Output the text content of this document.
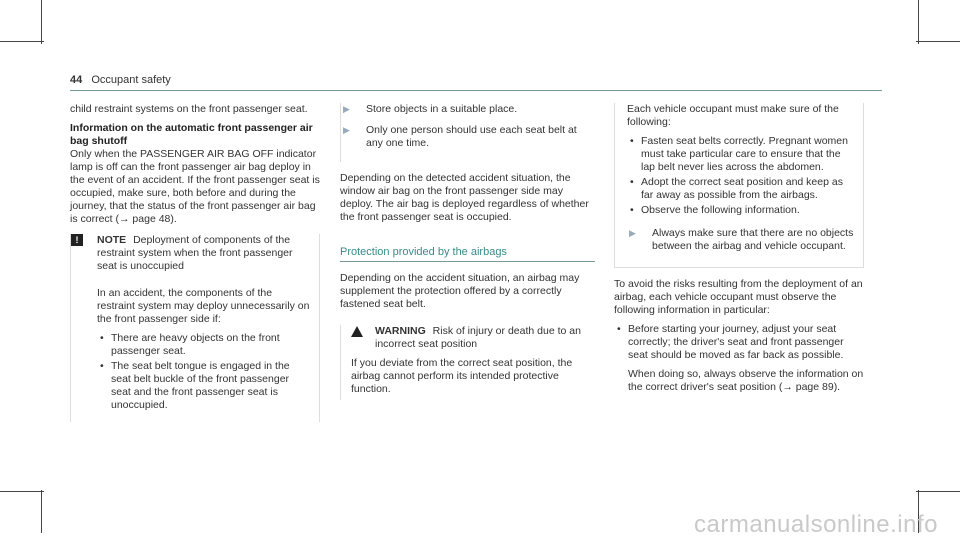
44 Occupant safety

child restraint systems on the front passenger seat.

Information on the automatic front passenger air bag shutoff

Only when the PASSENGER AIR BAG OFF indicator lamp is off can the front passenger air bag deploy in the event of an accident. If the front passenger seat is occupied, make sure, both before and during the journey, that the status of the front passenger air bag is correct (→ page 48).

!	NOTE Deployment of components of the restraint system when the front passenger seat is unoccupied

In an accident, the components of the restraint system may deploy unnecessarily on the front passenger side if:

• There are heavy objects on the front passenger seat.
• The seat belt tongue is engaged in the seat belt buckle of the front passenger seat and the front passenger seat is unoccupied.
▶ Store objects in a suitable place.
▶ Only one person should use each seat belt at any one time.

Depending on the detected accident situation, the window air bag on the front passenger side may deploy. The air bag is deployed regardless of whether the front passenger seat is occupied.

Protection provided by the airbags

Depending on the accident situation, an airbag may supplement the protection offered by a correctly fastened seat belt.

WARNING Risk of injury or death due to an incorrect seat position
If you deviate from the correct seat position, the airbag cannot perform its intended protective function.

Each vehicle occupant must make sure of the following:

• Fasten seat belts correctly. Pregnant women must take particular care to ensure that the lap belt never lies across the abdomen.
• Adopt the correct seat position and keep as far away as possible from the airbags.
• Observe the following information.
▶ Always make sure that there are no objects between the airbag and vehicle occupant.

To avoid the risks resulting from the deployment of an airbag, each vehicle occupant must observe the following information in particular:

• Before starting your journey, adjust your seat correctly; the driver's seat and front passenger seat should be moved as far back as possible.
When doing so, always observe the information on the correct driver's seat position (→ page 89).
carmanualsonline.info
